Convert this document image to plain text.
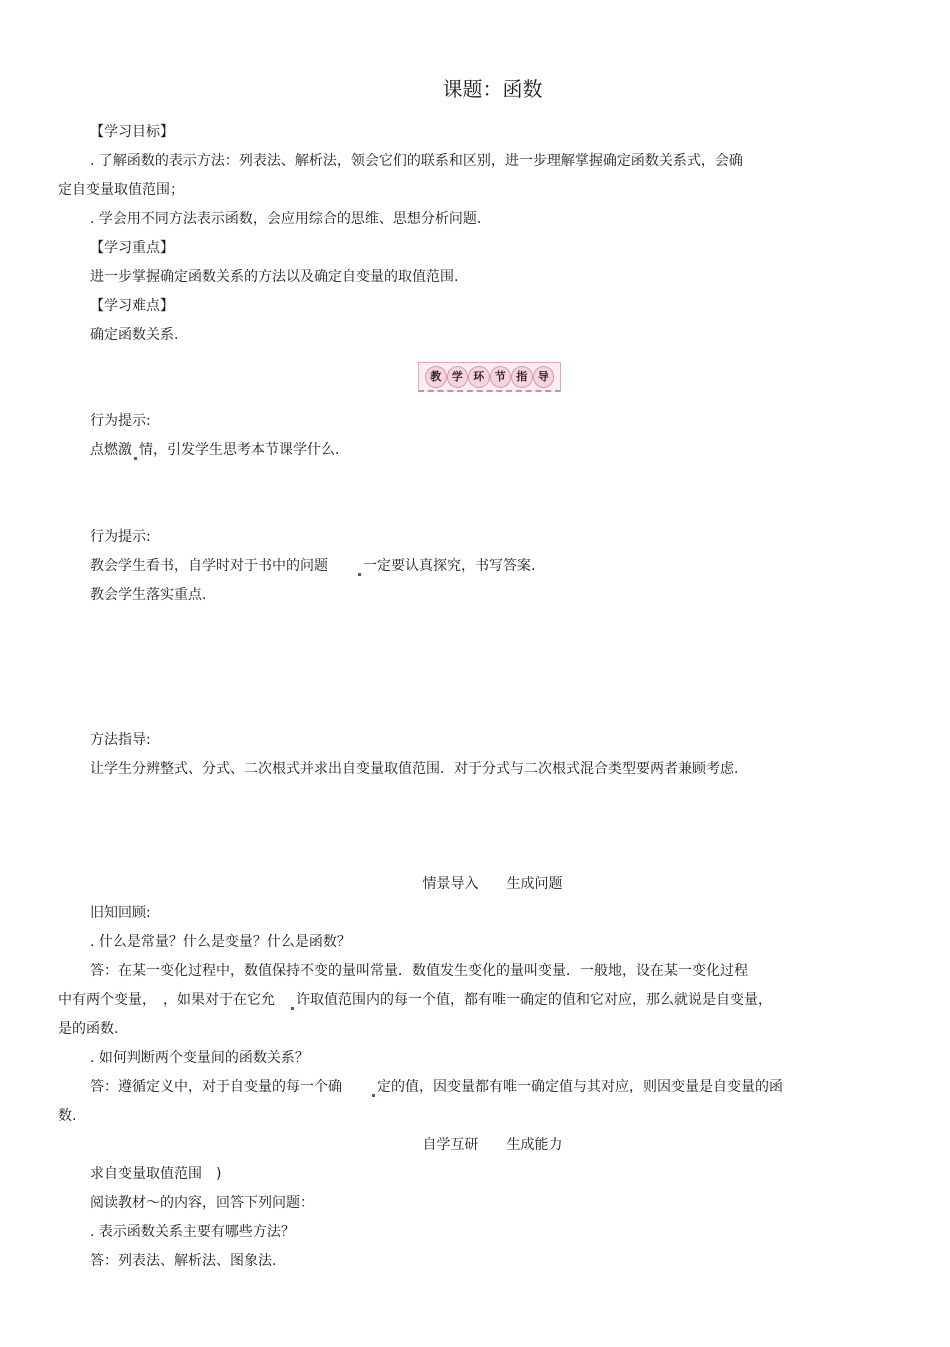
课题：函数
【学习目标】
. 了解函数的表示方法：列表法、解析法，领会它们的联系和区别，进一步理解掌握确定函数关系式，会确
定自变量取值范围；
. 学会用不同方法表示函数，会应用综合的思维、思想分析问题.
【学习重点】
进一步掌握确定函数关系的方法以及确定自变量的取值范围.
【学习难点】
确定函数关系.
教 学 环 节 指 导
行为提示:
点燃激 情，引发学生思考本节课学什么.
行为提示:
教会学生看书，自学时对于书中的问题	一定要认真探究，书写答案.
教会学生落实重点.
方法指导:
让学生分辨整式、分式、二次根式并求出自变量取值范围．对于分式与二次根式混合类型要两者兼顾考虑.
情景导入　　生成问题
旧知回顾:
. 什么是常量？什么是变量？什么是函数？
答：在某一变化过程中，数值保持不变的量叫常量．数值发生变化的量叫变量．一般地，设在某一变化过程
中有两个变量，　，如果对于在它允 许取值范围内的每一个值，都有唯一确定的值和它对应，那么就说是自变量，
是的函数.
. 如何判断两个变量间的函数关系？
答：遵循定义中，对于自变量的每一个确	定的值，因变量都有唯一确定值与其对应，则因变量是自变量的函
数.
自学互研　　生成能力
求自变量取值范围　)
阅读教材～的内容，回答下列问题：
. 表示函数关系主要有哪些方法？
答：列表法、解析法、图象法.
